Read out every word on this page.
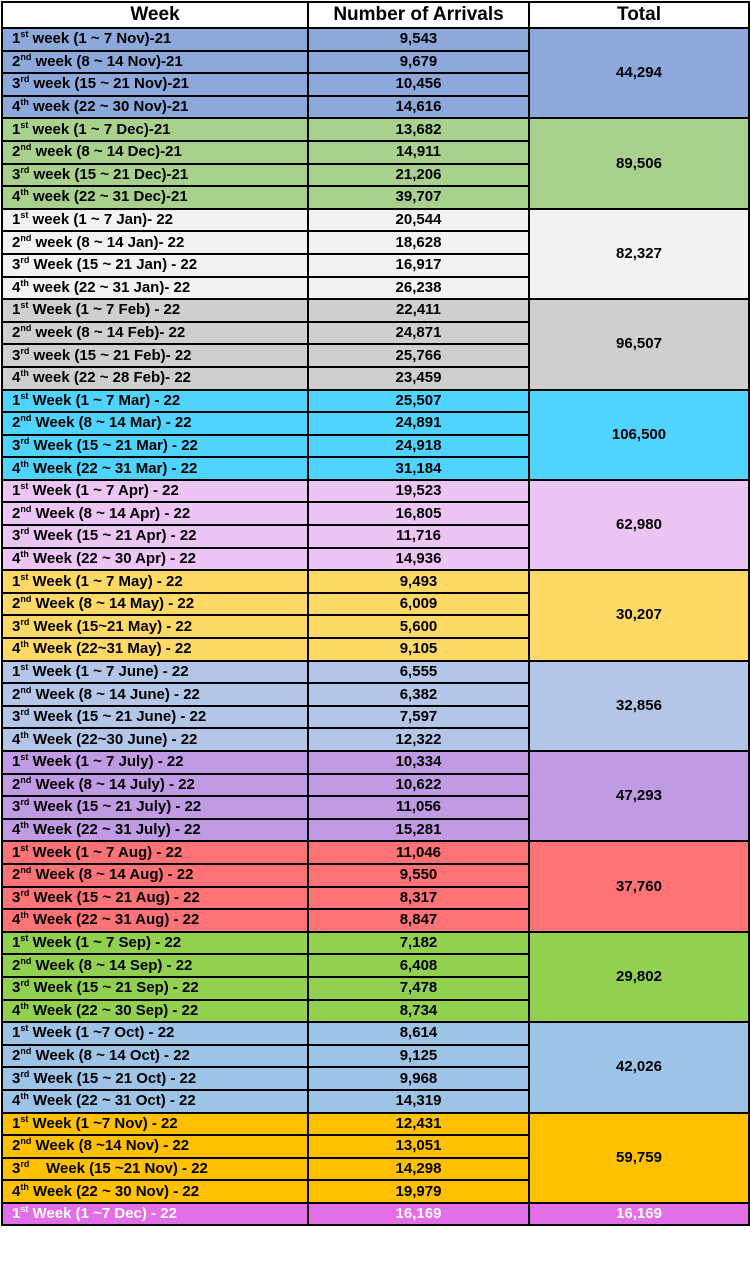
Week	Number of Arrivals	Total
1st week (1 ~ 7 Nov)-21	9,543	44,294
2nd week (8 ~ 14 Nov)-21	9,679	
3rd week (15 ~ 21 Nov)-21	10,456	
4th week (22 ~ 30 Nov)-21	14,616	
1st week (1 ~ 7 Dec)-21	13,682	89,506
2nd week (8 ~ 14 Dec)-21	14,911	
3rd week (15 ~ 21 Dec)-21	21,206	
4th week (22 ~ 31 Dec)-21	39,707	
1st week (1 ~ 7 Jan)- 22	20,544	82,327
2nd week (8 ~ 14 Jan)- 22	18,628	
3rd Week (15 ~ 21 Jan) - 22	16,917	
4th week (22 ~ 31 Jan)- 22	26,238	
1st Week (1 ~ 7 Feb) - 22	22,411	96,507
2nd week (8 ~ 14 Feb)- 22	24,871	
3rd week (15 ~ 21 Feb)- 22	25,766	
4th week (22 ~ 28 Feb)- 22	23,459	
1st Week (1 ~ 7 Mar) - 22	25,507	106,500
2nd Week (8 ~ 14 Mar) - 22	24,891	
3rd Week (15 ~ 21 Mar) - 22	24,918	
4th Week (22 ~ 31 Mar) - 22	31,184	
1st Week (1 ~ 7 Apr) - 22	19,523	62,980
2nd Week (8 ~ 14 Apr) - 22	16,805	
3rd Week (15 ~ 21 Apr) - 22	11,716	
4th Week (22 ~ 30 Apr) - 22	14,936	
1st Week (1 ~ 7 May) - 22	9,493	30,207
2nd Week (8 ~ 14 May) - 22	6,009	
3rd Week (15~21 May) - 22	5,600	
4th Week (22~31 May) - 22	9,105	
1st Week (1 ~ 7 June) - 22	6,555	32,856
2nd Week (8 ~ 14 June) - 22	6,382	
3rd Week (15 ~ 21 June) - 22	7,597	
4th Week (22~30 June) - 22	12,322	
1st Week (1 ~ 7 July) - 22	10,334	47,293
2nd Week (8 ~ 14 July) - 22	10,622	
3rd Week (15 ~ 21 July) - 22	11,056	
4th Week (22 ~ 31 July) - 22	15,281	
1st Week (1 ~ 7 Aug) - 22	11,046	37,760
2nd Week (8 ~ 14 Aug) - 22	9,550	
3rd Week (15 ~ 21 Aug) - 22	8,317	
4th Week (22 ~ 31 Aug) - 22	8,847	
1st Week (1 ~ 7 Sep) - 22	7,182	29,802
2nd Week (8 ~ 14 Sep) - 22	6,408	
3rd Week (15 ~ 21 Sep) - 22	7,478	
4th Week (22 ~ 30 Sep) - 22	8,734	
1st Week (1 ~7 Oct) - 22	8,614	42,026
2nd Week (8 ~ 14 Oct) - 22	9,125	
3rd Week (15 ~ 21 Oct) - 22	9,968	
4th Week (22 ~ 31 Oct) - 22	14,319	
1st Week (1 ~7 Nov) - 22	12,431	59,759
2nd Week (8 ~14 Nov) - 22	13,051	
3rd    Week (15 ~21 Nov) - 22	14,298	
4th Week (22 ~ 30 Nov) - 22	19,979	
1st Week (1 ~7 Dec) - 22	16,169	16,169
